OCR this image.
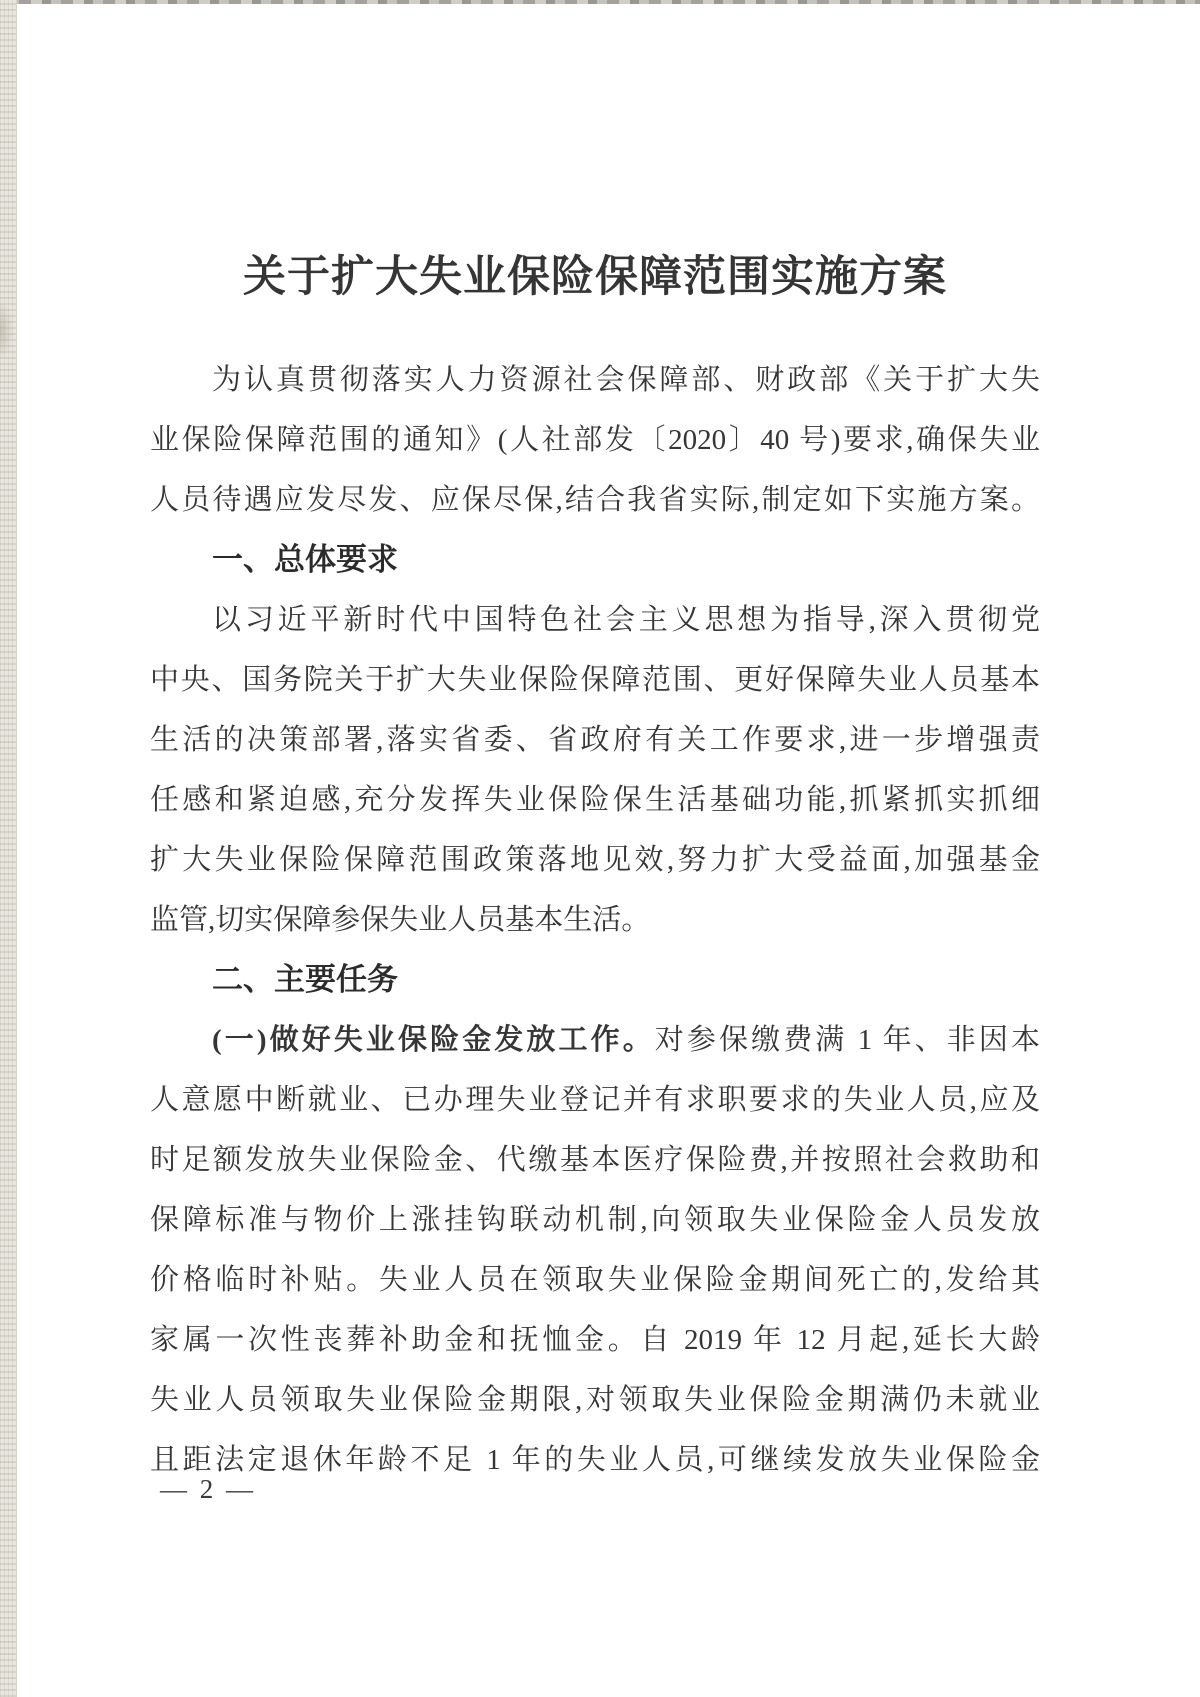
关于扩大失业保险保障范围实施方案
为认真贯彻落实人力资源社会保障部、财政部《关于扩大失
业保险保障范围的通知》(人社部发〔2020〕40 号)要求,确保失业
人员待遇应发尽发、应保尽保,结合我省实际,制定如下实施方案。
一、总体要求
以习近平新时代中国特色社会主义思想为指导,深入贯彻党
中央、国务院关于扩大失业保险保障范围、更好保障失业人员基本
生活的决策部署,落实省委、省政府有关工作要求,进一步增强责
任感和紧迫感,充分发挥失业保险保生活基础功能,抓紧抓实抓细
扩大失业保险保障范围政策落地见效,努力扩大受益面,加强基金
监管,切实保障参保失业人员基本生活。
二、主要任务
(一)做好失业保险金发放工作。对参保缴费满 1 年、非因本
人意愿中断就业、已办理失业登记并有求职要求的失业人员,应及
时足额发放失业保险金、代缴基本医疗保险费,并按照社会救助和
保障标准与物价上涨挂钩联动机制,向领取失业保险金人员发放
价格临时补贴。失业人员在领取失业保险金期间死亡的,发给其
家属一次性丧葬补助金和抚恤金。自 2019 年 12 月起,延长大龄
失业人员领取失业保险金期限,对领取失业保险金期满仍未就业
且距法定退休年龄不足 1 年的失业人员,可继续发放失业保险金
— 2 —
